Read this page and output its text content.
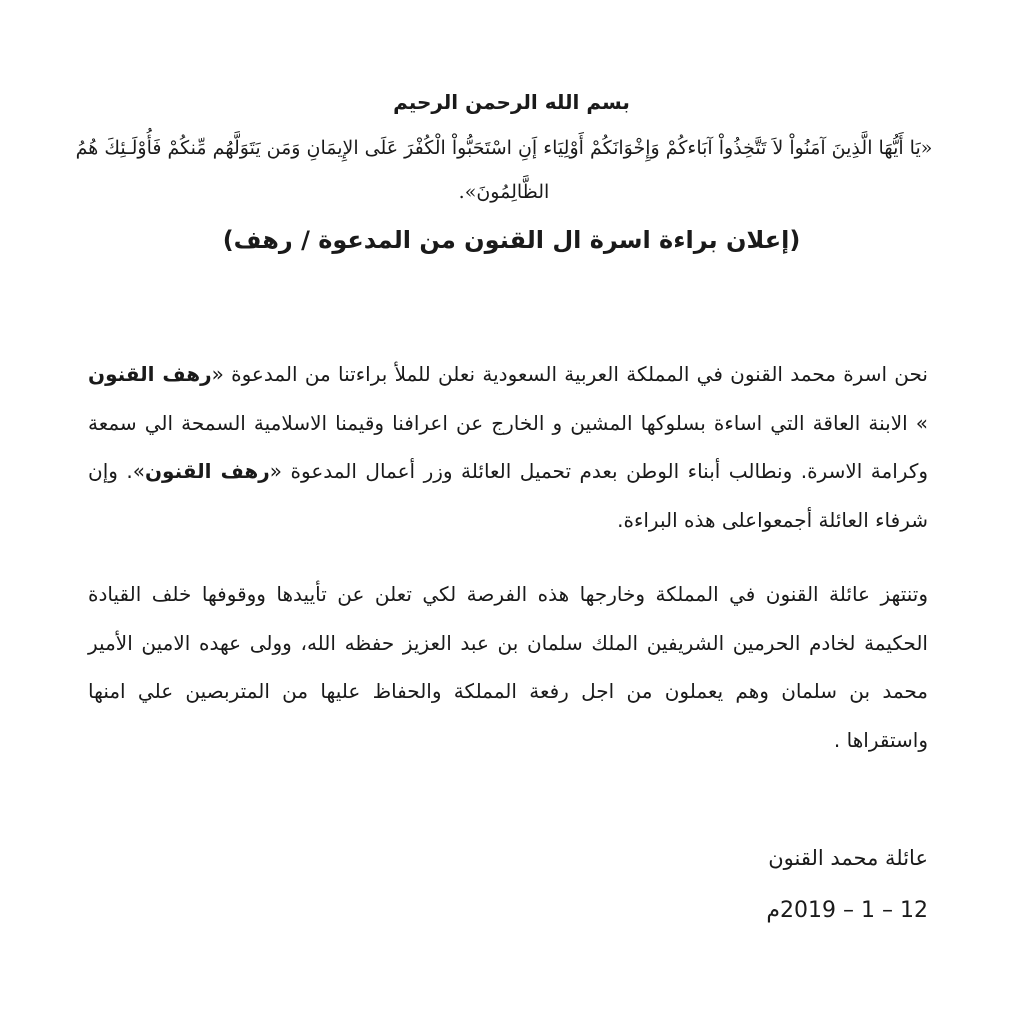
بسم الله الرحمن الرحيم
«يَا أَيُّهَا الَّذِينَ آمَنُواْ لاَ تَتَّخِذُواْ آبَاءكُمْ وَإِخْوَانَكُمْ أَوْلِيَاء إَنِ اسْتَحَبُّواْ الْكُفْرَ عَلَى الإِيمَانِ وَمَن يَتَوَلَّهُم مِّنكُمْ فَأُوْلَـئِكَ هُمُ الظَّالِمُونَ».
(إعلان براءة اسرة ال القنون من المدعوة / رهف)
نحن اسرة محمد القنون في المملكة العربية السعودية نعلن للملأ براءتنا من المدعوة «رهف القنون » الابنة العاقة التي اساءة بسلوكها المشين و الخارج عن اعرافنا وقيمنا الاسلامية السمحة الي سمعة وكرامة الاسرة. ونطالب أبناء الوطن بعدم تحميل العائلة وزر أعمال المدعوة «رهف القنون». وإن شرفاء العائلة أجمعواعلى هذه البراءة.
وتنتهز عائلة القنون في المملكة وخارجها هذه الفرصة لكي تعلن عن تأييدها ووقوفها خلف القيادة الحكيمة لخادم الحرمين الشريفين الملك سلمان بن عبد العزيز حفظه الله، وولى عهده الامين الأمير محمد بن سلمان وهم يعملون من اجل رفعة المملكة والحفاظ عليها من المتربصين علي امنها واستقراها .
عائلة محمد القنون
12 – 1 – 2019م
